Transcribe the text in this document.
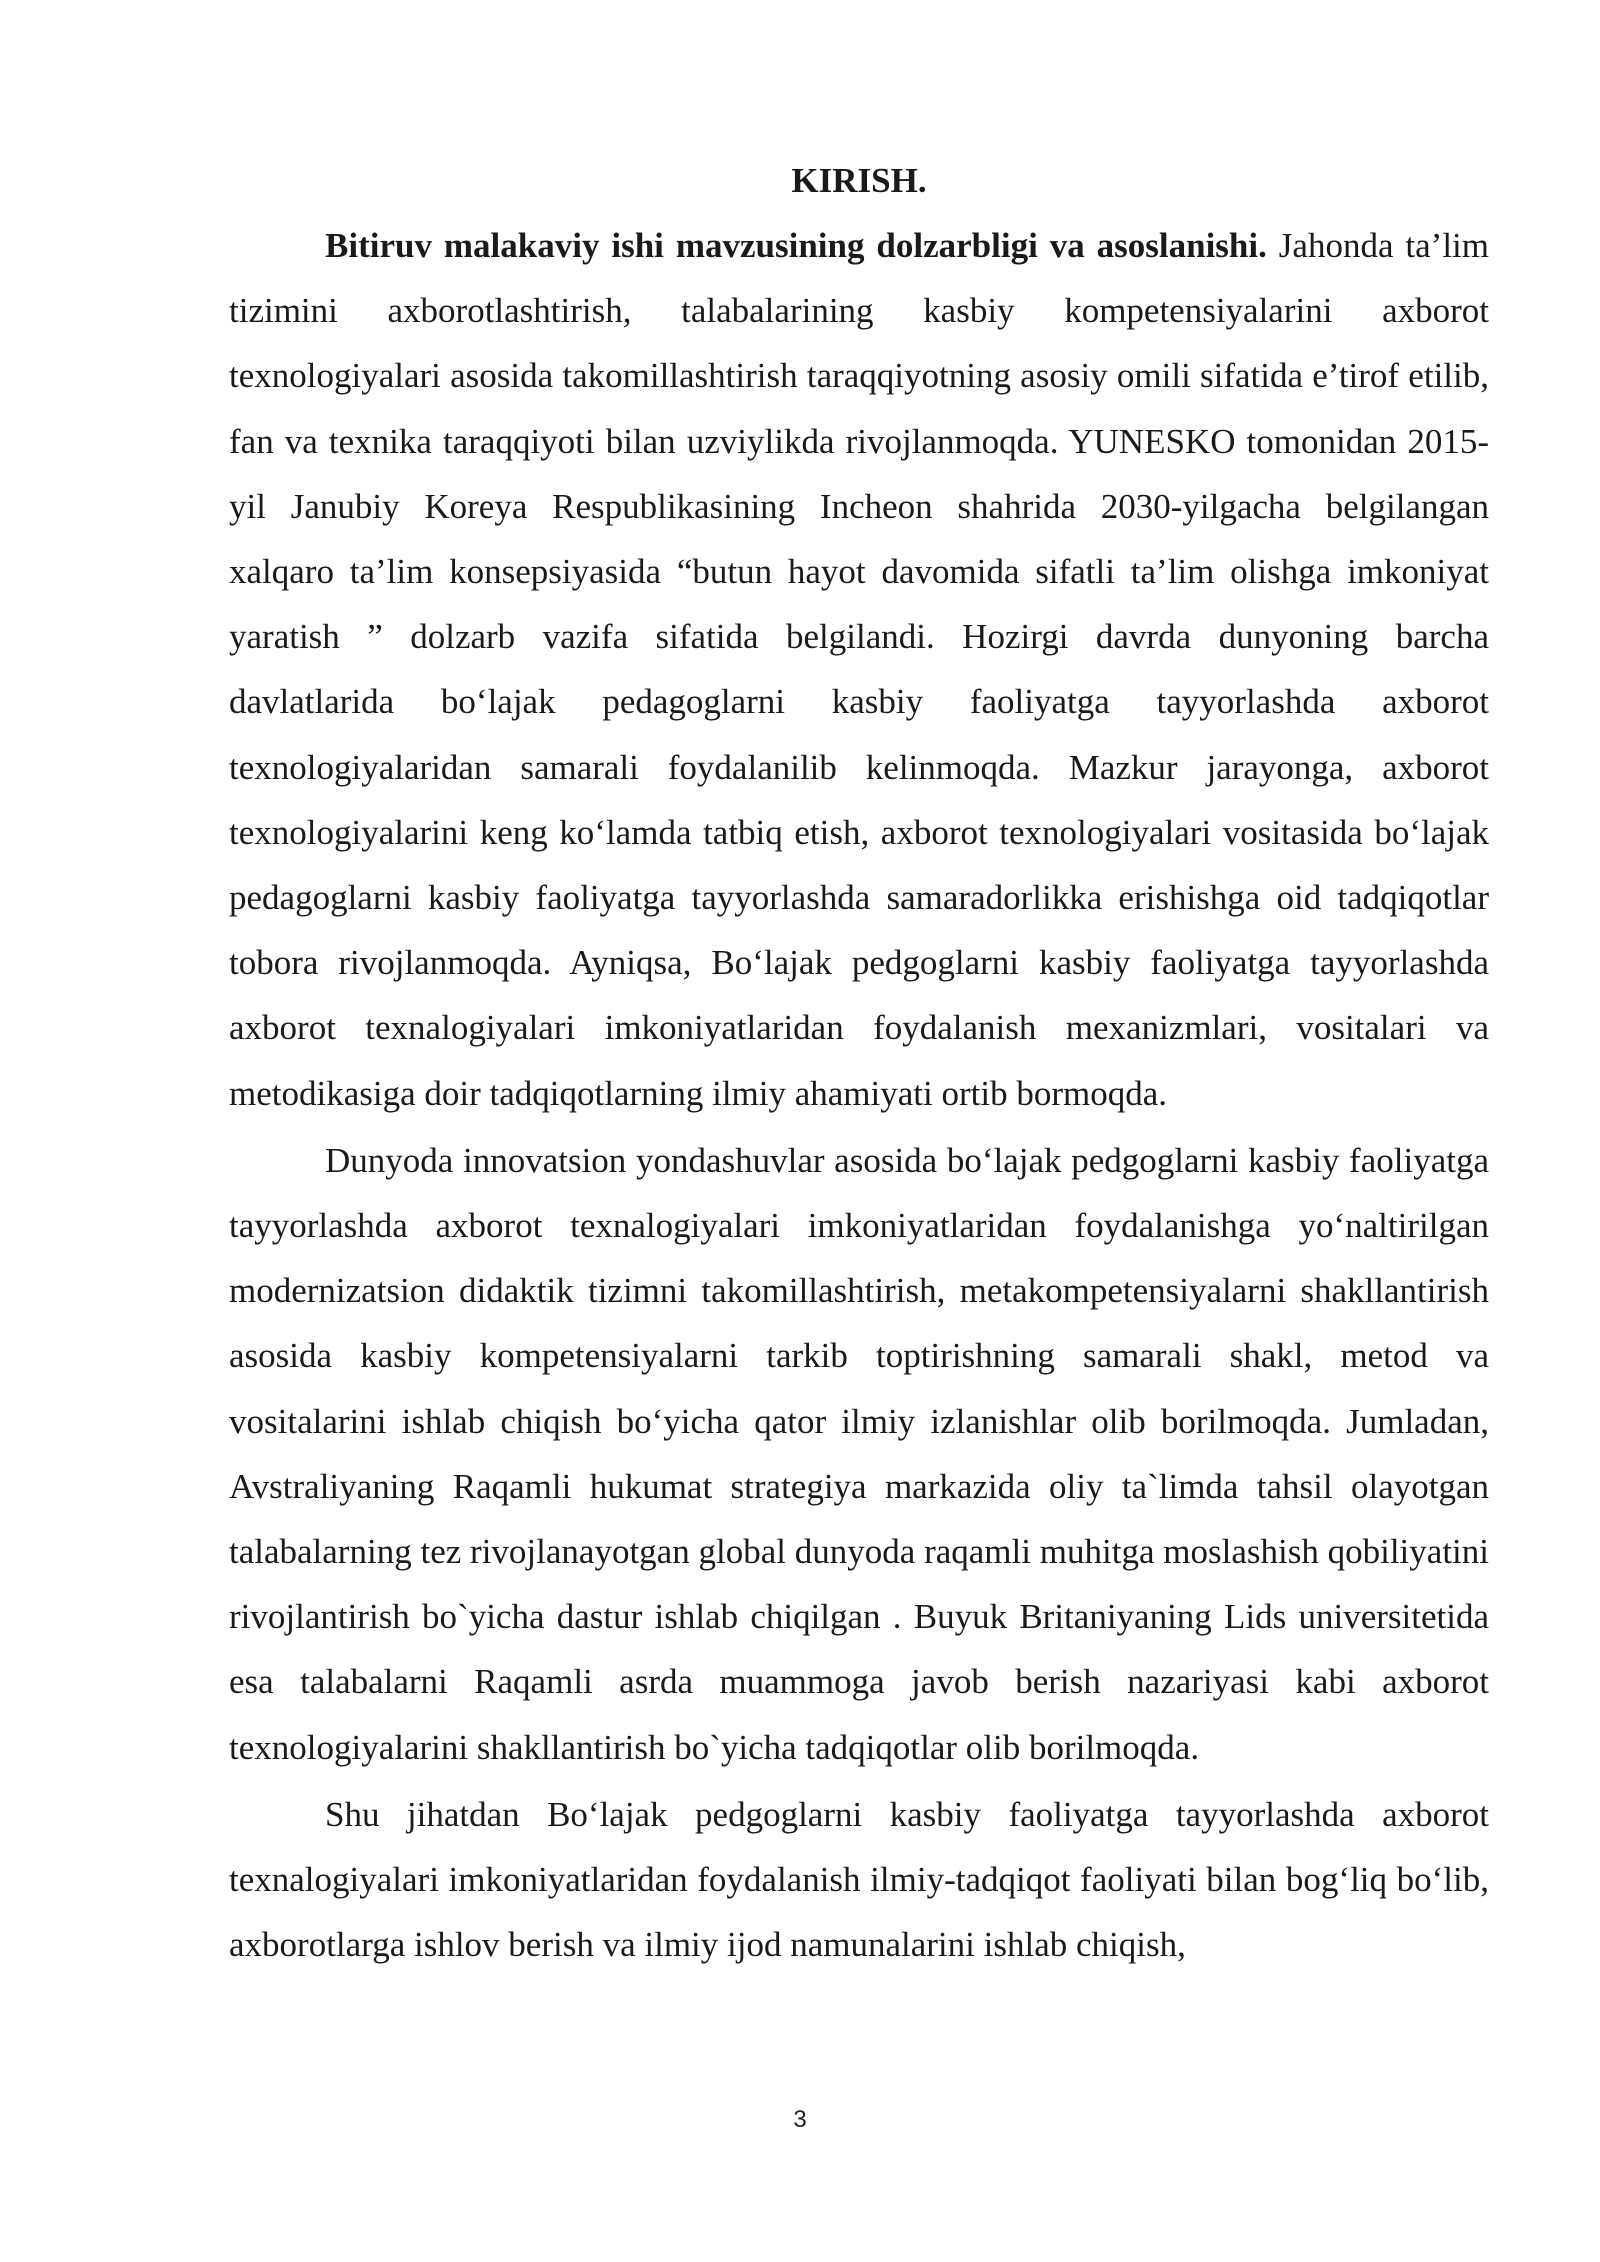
KIRISH.

Bitiruv malakaviy ishi mavzusining dolzarbligi va asoslanishi. Jahonda ta’lim tizimini axborotlashtirish, talabalarining kasbiy kompetensiyalarini axborot texnologiyalari asosida takomillashtirish taraqqiyotning asosiy omili sifatida e’tirof etilib, fan va texnika taraqqiyoti bilan uzviylikda rivojlanmoqda. YUNESKO tomonidan 2015-yil Janubiy Koreya Respublikasining Incheon shahrida 2030-yilgacha belgilangan xalqaro ta’lim konsepsiyasida “butun hayot davomida sifatli ta’lim olishga imkoniyat yaratish ” dolzarb vazifa sifatida belgilandi. Hozirgi davrda dunyoning barcha davlatlarida bo‘lajak pedagoglarni kasbiy faoliyatga tayyorlashda axborot texnologiyalaridan samarali foydalanilib kelinmoqda. Mazkur jarayonga, axborot texnologiyalarini keng ko‘lamda tatbiq etish, axborot texnologiyalari vositasida bo‘lajak pedagoglarni kasbiy faoliyatga tayyorlashda samaradorlikka erishishga oid tadqiqotlar tobora rivojlanmoqda. Ayniqsa, Bo‘lajak pedgoglarni kasbiy faoliyatga tayyorlashda axborot texnalogiyalari imkoniyatlaridan foydalanish mexanizmlari, vositalari va metodikasiga doir tadqiqotlarning ilmiy ahamiyati ortib bormoqda.

Dunyoda innovatsion yondashuvlar asosida bo‘lajak pedgoglarni kasbiy faoliyatga tayyorlashda axborot texnalogiyalari imkoniyatlaridan foydalanishga yo‘naltirilgan modernizatsion didaktik tizimni takomillashtirish, metakompetensiyalarni shakllantirish asosida kasbiy kompetensiyalarni tarkib toptirishning samarali shakl, metod va vositalarini ishlab chiqish bo‘yicha qator ilmiy izlanishlar olib borilmoqda. Jumladan, Avstraliyaning Raqamli hukumat strategiya markazida oliy ta`limda tahsil olayotgan talabalarning tez rivojlanayotgan global dunyoda raqamli muhitga moslashish qobiliyatini rivojlantirish bo`yicha dastur ishlab chiqilgan . Buyuk Britaniyaning Lids universitetida esa talabalarni Raqamli asrda muammoga javob berish nazariyasi kabi axborot texnologiyalarini shakllantirish bo`yicha tadqiqotlar olib borilmoqda.

Shu jihatdan Bo‘lajak pedgoglarni kasbiy faoliyatga tayyorlashda axborot texnalogiyalari imkoniyatlaridan foydalanish ilmiy-tadqiqot faoliyati bilan bog‘liq bo‘lib, axborotlarga ishlov berish va ilmiy ijod namunalarini ishlab chiqish,

3
